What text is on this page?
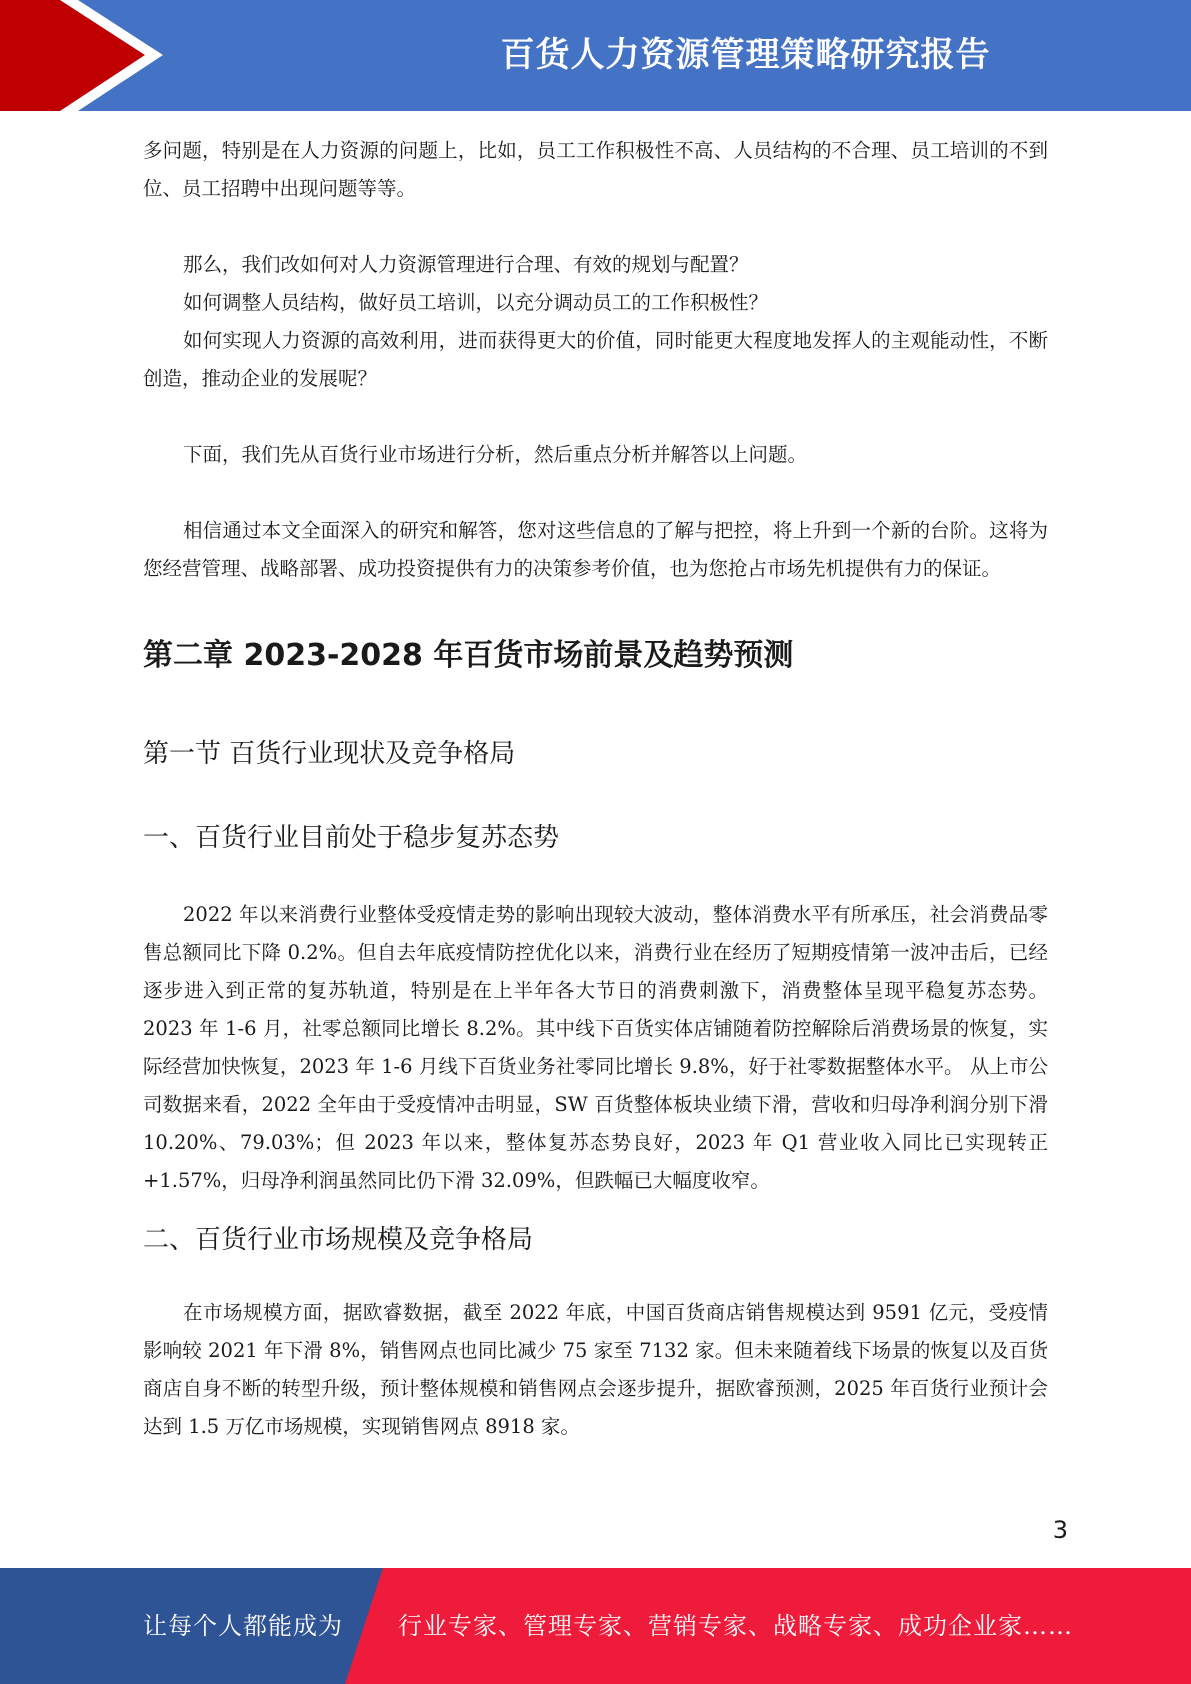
百货人力资源管理策略研究报告

多问题，特别是在人力资源的问题上，比如，员工工作积极性不高、人员结构的不合理、员工培训的不到位、员工招聘中出现问题等等。

那么，我们改如何对人力资源管理进行合理、有效的规划与配置？

如何调整人员结构，做好员工培训，以充分调动员工的工作积极性？

如何实现人力资源的高效利用，进而获得更大的价值，同时能更大程度地发挥人的主观能动性，不断创造，推动企业的发展呢？

下面，我们先从百货行业市场进行分析，然后重点分析并解答以上问题。

相信通过本文全面深入的研究和解答，您对这些信息的了解与把控，将上升到一个新的台阶。这将为您经营管理、战略部署、成功投资提供有力的决策参考价值，也为您抢占市场先机提供有力的保证。

第二章 2023-2028 年百货市场前景及趋势预测
第一节 百货行业现状及竞争格局
一、百货行业目前处于稳步复苏态势

2022 年以来消费行业整体受疫情走势的影响出现较大波动，整体消费水平有所承压，社会消费品零售总额同比下降 0.2%。但自去年底疫情防控优化以来，消费行业在经历了短期疫情第一波冲击后，已经逐步进入到正常的复苏轨道，特别是在上半年各大节日的消费刺激下，消费整体呈现平稳复苏态势。2023 年 1-6 月，社零总额同比增长 8.2%。其中线下百货实体店铺随着防控解除后消费场景的恢复，实际经营加快恢复，2023 年 1-6 月线下百货业务社零同比增长 9.8%，好于社零数据整体水平。 从上市公司数据来看，2022 全年由于受疫情冲击明显，SW 百货整体板块业绩下滑，营收和归母净利润分别下滑 10.20%、79.03%；但 2023 年以来，整体复苏态势良好，2023 年 Q1 营业收入同比已实现转正+1.57%，归母净利润虽然同比仍下滑 32.09%，但跌幅已大幅度收窄。

二、百货行业市场规模及竞争格局

在市场规模方面，据欧睿数据，截至 2022 年底，中国百货商店销售规模达到 9591 亿元，受疫情影响较 2021 年下滑 8%，销售网点也同比减少 75 家至 7132 家。但未来随着线下场景的恢复以及百货商店自身不断的转型升级，预计整体规模和销售网点会逐步提升，据欧睿预测，2025 年百货行业预计会达到 1.5 万亿市场规模，实现销售网点 8918 家。

3
让每个人都能成为 行业专家、管理专家、营销专家、战略专家、成功企业家……
